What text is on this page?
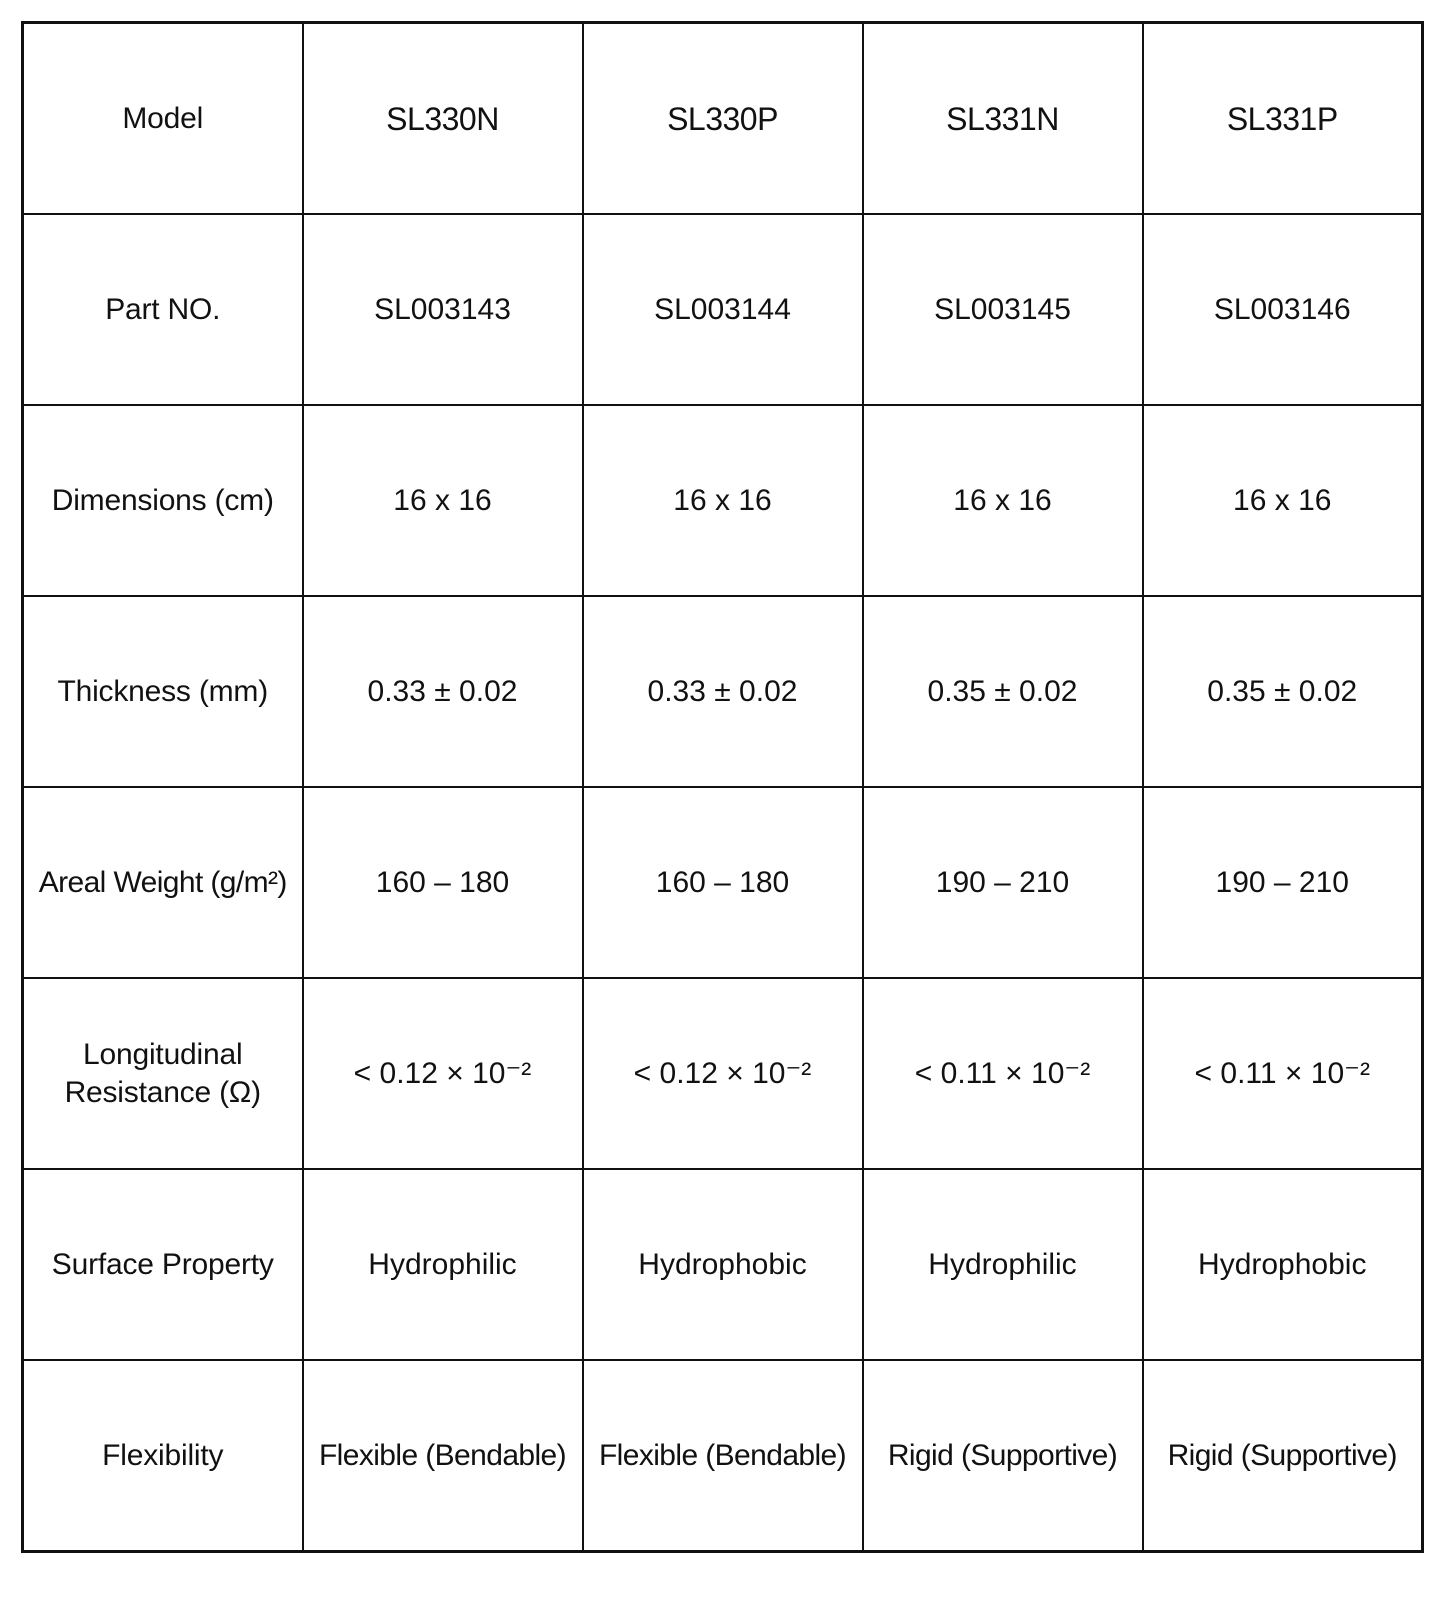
Model	SL330N	SL330P	SL331N	SL331P
Part NO.	SL003143	SL003144	SL003145	SL003146
Dimensions (cm)	16 x 16	16 x 16	16 x 16	16 x 16
Thickness (mm)	0.33 ± 0.02	0.33 ± 0.02	0.35 ± 0.02	0.35 ± 0.02
Areal Weight (g/m²)	160 – 180	160 – 180	190 – 210	190 – 210
Longitudinal Resistance (Ω)	< 0.12 × 10⁻²	< 0.12 × 10⁻²	< 0.11 × 10⁻²	< 0.11 × 10⁻²
Surface Property	Hydrophilic	Hydrophobic	Hydrophilic	Hydrophobic
Flexibility	Flexible (Bendable)	Flexible (Bendable)	Rigid (Supportive)	Rigid (Supportive)
